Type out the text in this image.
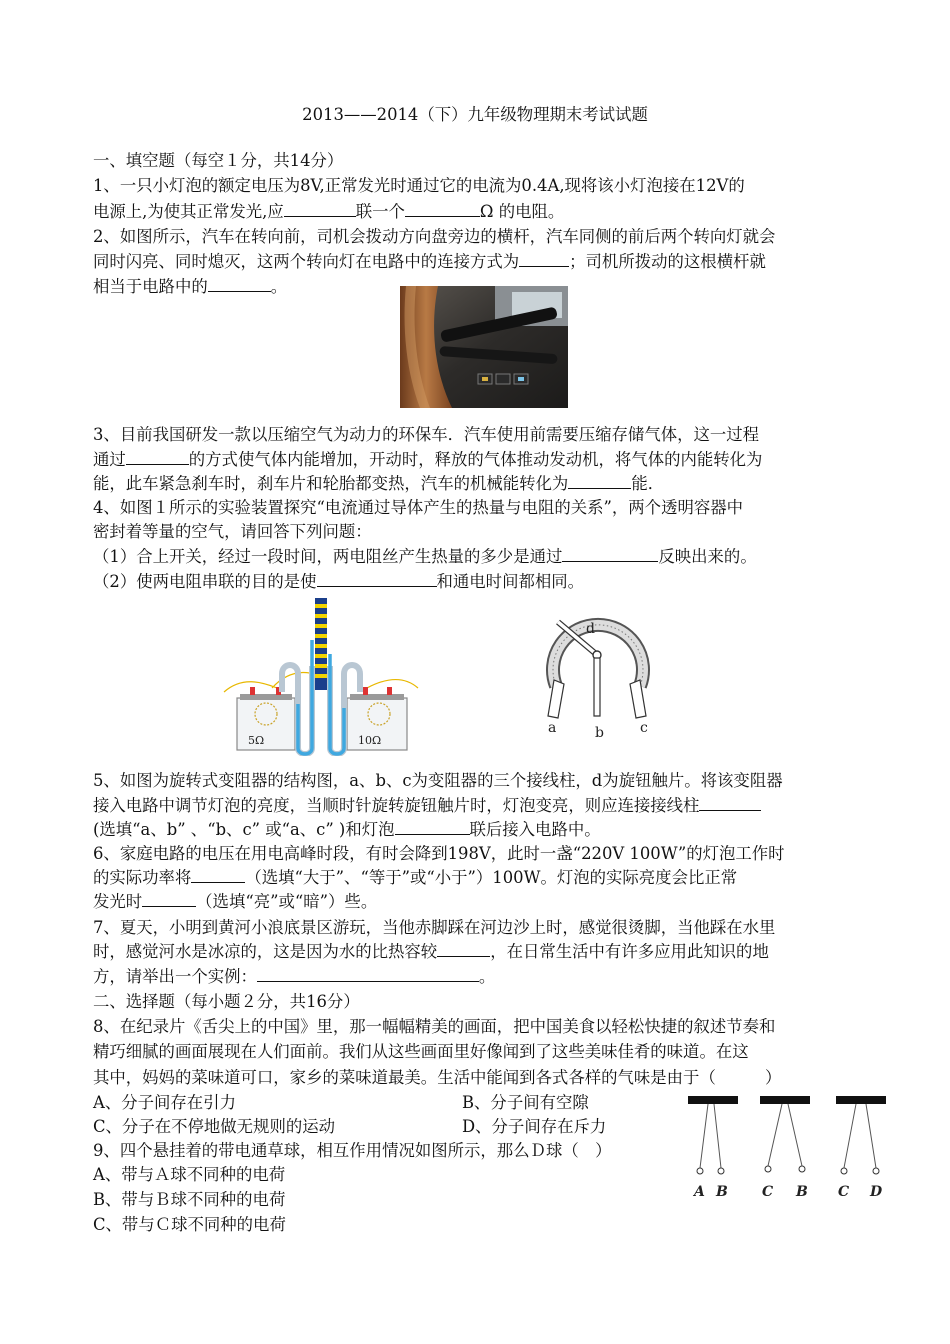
2013——2014（下）九年级物理期末考试试题
一、填空题（每空１分，共14分）
1、一只小灯泡的额定电压为8V,正常发光时通过它的电流为0.4A,现将该小灯泡接在12V的
电源上,为使其正常发光,应	联一个	Ω 的电阻。
2、如图所示，汽车在转向前，司机会拨动方向盘旁边的横杆，汽车同侧的前后两个转向灯就会
同时闪亮、同时熄灭，这两个转向灯在电路中的连接方式为	；司机所拨动的这根横杆就
相当于电路中的	。
3、目前我国研发一款以压缩空气为动力的环保车．汽车使用前需要压缩存储气体，这一过程
通过	的方式使气体内能增加，开动时，释放的气体推动发动机，将气体的内能转化为
能，此车紧急刹车时，刹车片和轮胎都变热，汽车的机械能转化为	能．
4、如图１所示的实验装置探究“电流通过导体产生的热量与电阻的关系”，两个透明容器中
密封着等量的空气，请回答下列问题：
（1）合上开关，经过一段时间，两电阻丝产生热量的多少是通过	反映出来的。
（2）使两电阻串联的目的是使	和通电时间都相同。
5Ω	10Ω
d
a	b	c
5、如图为旋转式变阻器的结构图，a、b、c为变阻器的三个接线柱，d为旋钮触片。将该变阻器
接入电路中调节灯泡的亮度，当顺时针旋转旋钮触片时，灯泡变亮，则应连接接线柱
(选填“a、b” 、“b、c” 或“a、c” )和灯泡	联后接入电路中。
6、家庭电路的电压在用电高峰时段，有时会降到198V，此时一盏“220V 100W”的灯泡工作时
的实际功率将	（选填“大于”、“等于”或“小于”）100W。灯泡的实际亮度会比正常
发光时	（选填“亮”或“暗”）些。
7、夏天，小明到黄河小浪底景区游玩，当他赤脚踩在河边沙上时，感觉很烫脚，当他踩在水里
时，感觉河水是冰凉的，这是因为水的比热容较	，在日常生活中有许多应用此知识的地
方，请举出一个实例：	。
二、选择题（每小题２分，共16分）
8、在纪录片《舌尖上的中国》里，那一幅幅精美的画面，把中国美食以轻松快捷的叙述节奏和
精巧细腻的画面展现在人们面前。我们从这些画面里好像闻到了这些美味佳肴的味道。在这
其中，妈妈的菜味道可口，家乡的菜味道最美。生活中能闻到各式各样的气味是由于（　　　）
A、分子间存在引力	B、分子间有空隙
C、分子在不停地做无规则的运动	D、分子间存在斥力
9、四个悬挂着的带电通草球，相互作用情况如图所示，那么Ｄ球（　）
A、带与Ａ球不同种的电荷
B、带与Ｂ球不同种的电荷
C、带与Ｃ球不同种的电荷
A B C B C D
